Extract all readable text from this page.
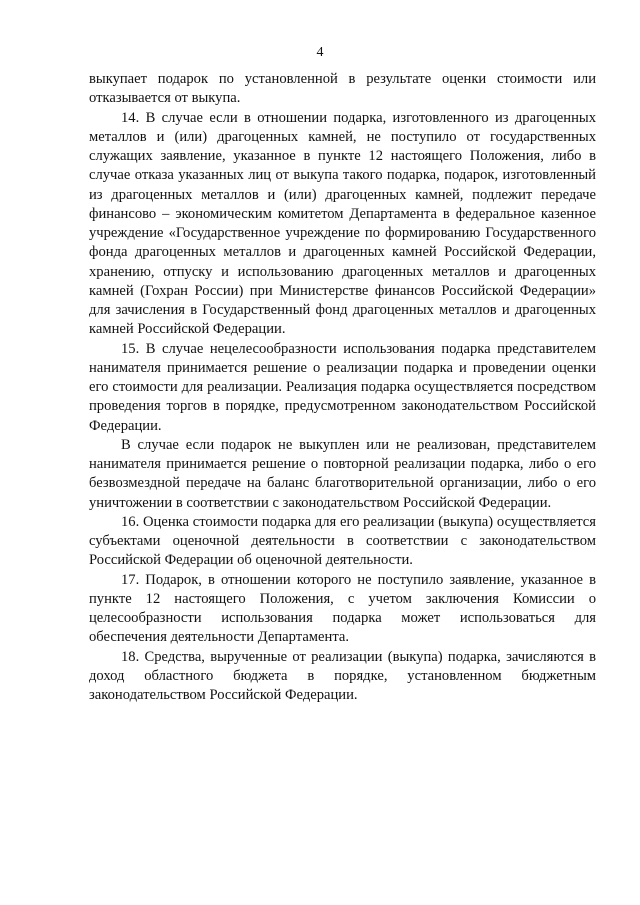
4

выкупает подарок по установленной в результате оценки стоимости или отказывается от выкупа.

14. В случае если в отношении подарка, изготовленного из драгоценных металлов и (или) драгоценных камней, не поступило от государственных служащих заявление, указанное в пункте 12 настоящего Положения, либо в случае отказа указанных лиц от выкупа такого подарка, подарок, изготовленный из драгоценных металлов и (или) драгоценных камней, подлежит передаче финансово – экономическим комитетом Департамента в федеральное казенное учреждение «Государственное учреждение по формированию Государственного фонда драгоценных металлов и драгоценных камней Российской Федерации, хранению, отпуску и использованию драгоценных металлов и драгоценных камней (Гохран России) при Министерстве финансов Российской Федерации» для зачисления в Государственный фонд драгоценных металлов и драгоценных камней Российской Федерации.

15. В случае нецелесообразности использования подарка представителем нанимателя принимается решение о реализации подарка и проведении оценки его стоимости для реализации. Реализация подарка осуществляется посредством проведения торгов в порядке, предусмотренном законодательством Российской Федерации.

В случае если подарок не выкуплен или не реализован, представителем нанимателя принимается решение о повторной реализации подарка, либо о его безвозмездной передаче на баланс благотворительной организации, либо о его уничтожении в соответствии с законодательством Российской Федерации.

16. Оценка стоимости подарка для его реализации (выкупа) осуществляется субъектами оценочной деятельности в соответствии с законодательством Российской Федерации об оценочной деятельности.

17. Подарок, в отношении которого не поступило заявление, указанное в пункте 12 настоящего Положения, с учетом заключения Комиссии о целесообразности использования подарка может использоваться для обеспечения деятельности Департамента.

18. Средства, вырученные от реализации (выкупа) подарка, зачисляются в доход областного бюджета в порядке, установленном бюджетным законодательством Российской Федерации.
